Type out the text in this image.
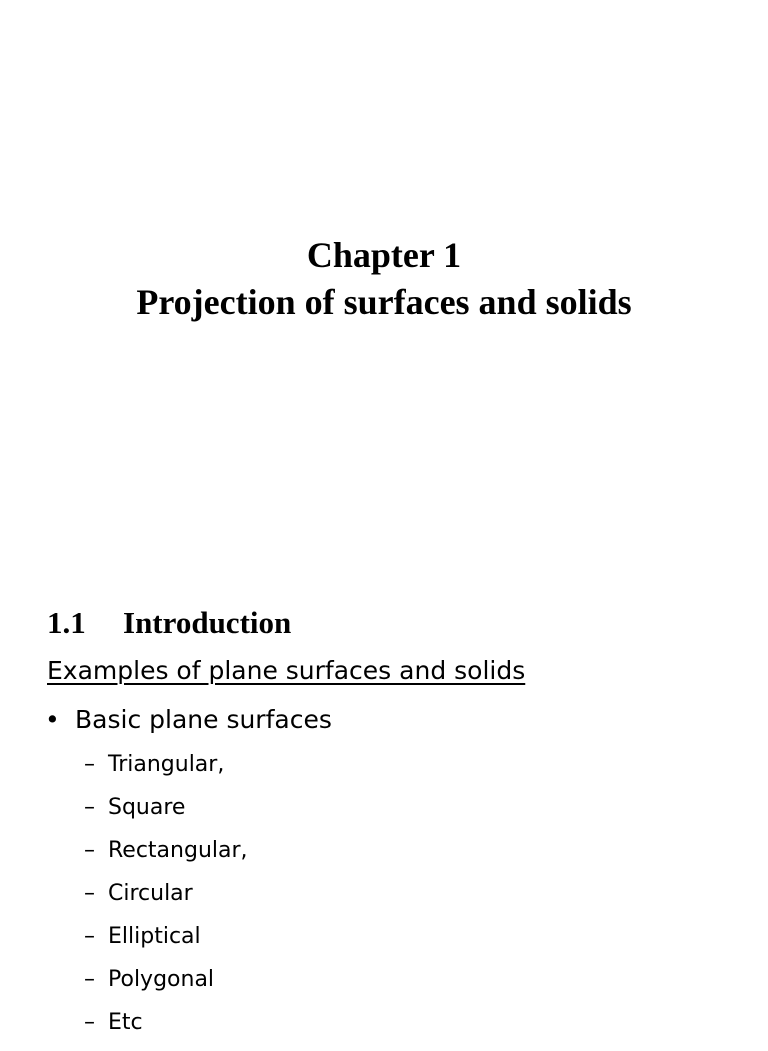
Chapter 1
Projection of surfaces and solids
1.1 Introduction
Examples of plane surfaces and solids
• Basic plane surfaces
– Triangular,
– Square
– Rectangular,
– Circular
– Elliptical
– Polygonal
– Etc
